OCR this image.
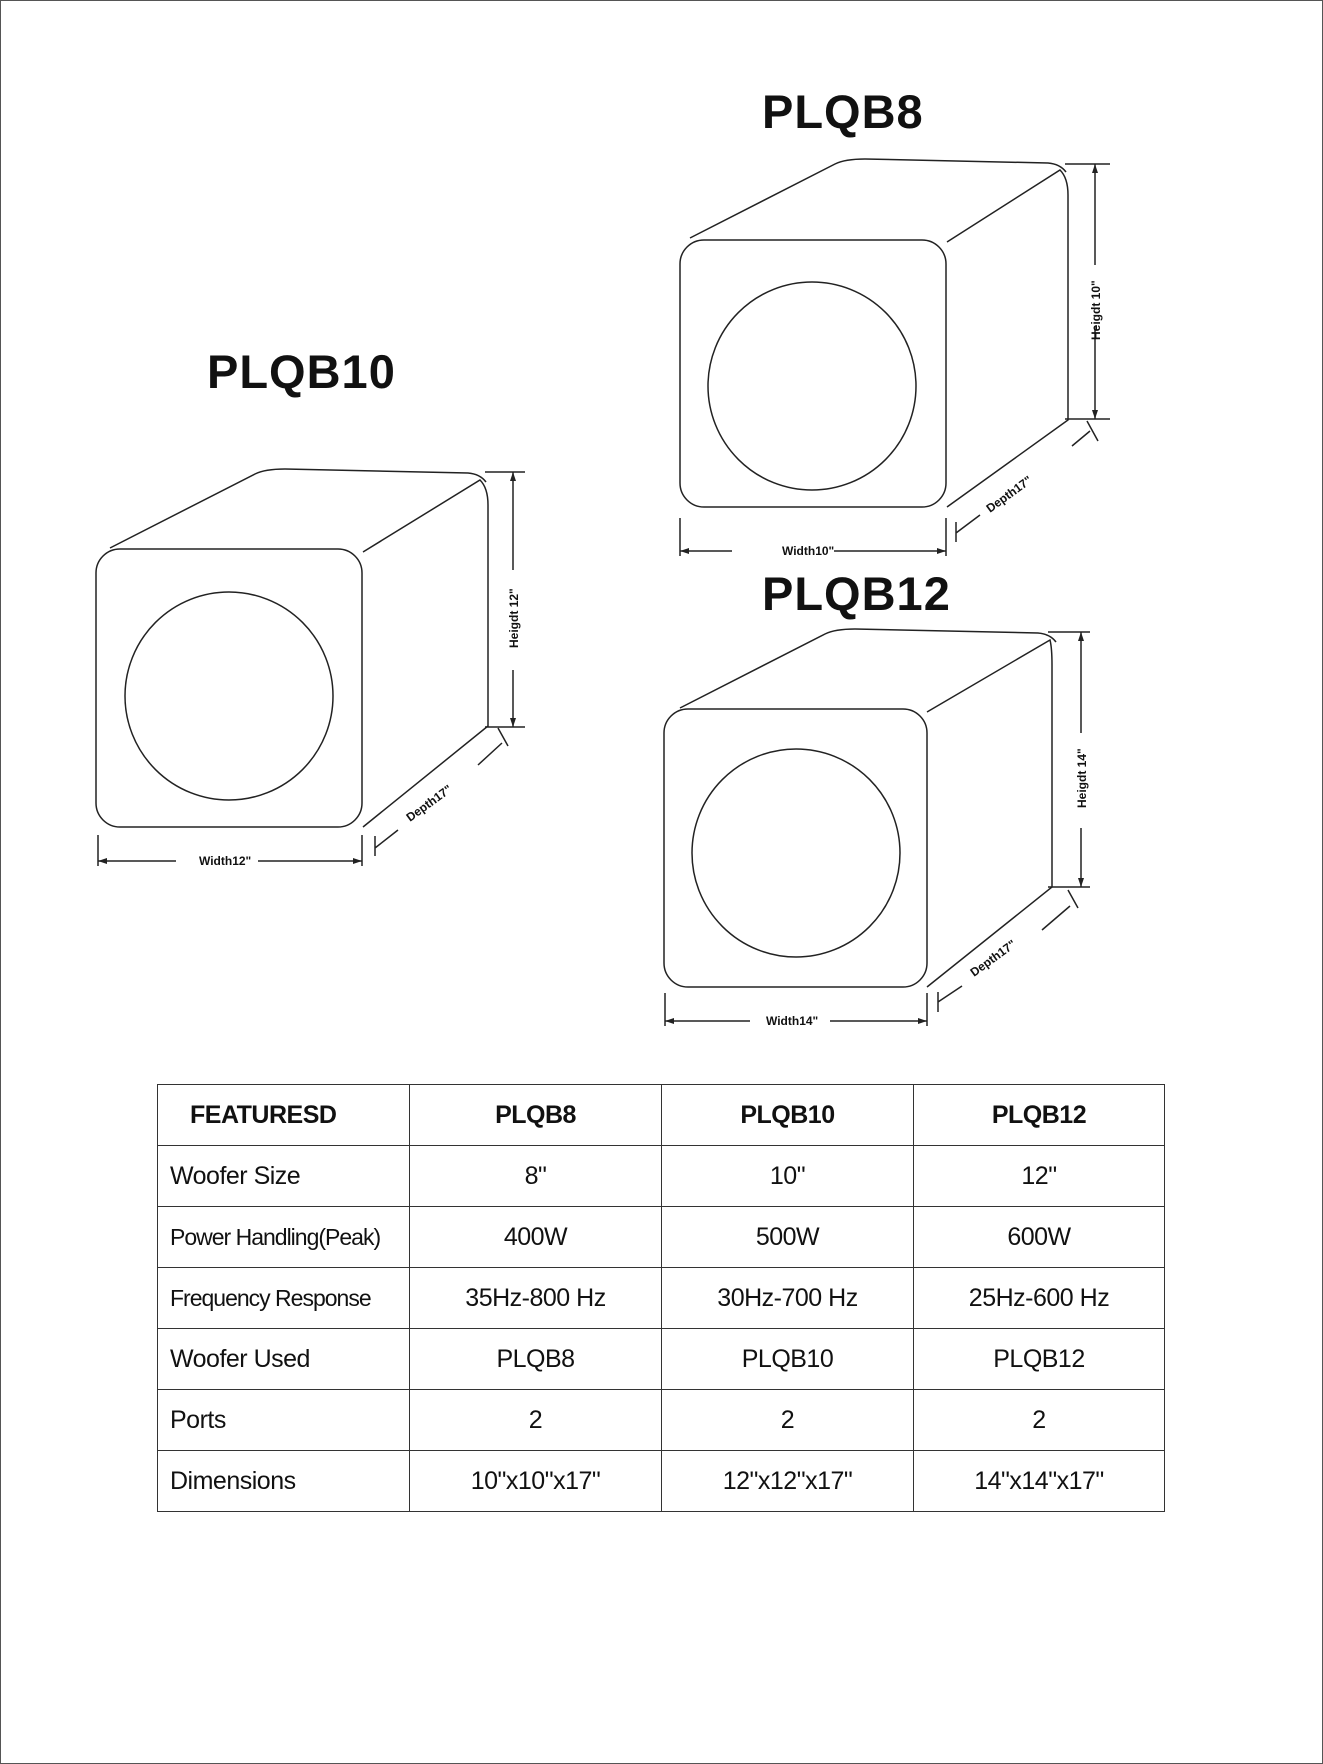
PLQB8
PLQB10
PLQB12
Heigdt 10"
Width10"
Depth17"
Heigdt 12"
Width12"
Depth17"	Heigdt 14"
Width14"
Depth17"
FEATURESD	PLQB8	PLQB10	PLQB12
Woofer Size	8"	10"	12"
Power Handling(Peak)	400W	500W	600W
Frequency Response	35Hz-800 Hz	30Hz-700 Hz	25Hz-600 Hz
Woofer Used	PLQB8	PLQB10	PLQB12
Ports	2	2	2
Dimensions	10"x10"x17"	12"x12"x17"	14"x14"x17"
